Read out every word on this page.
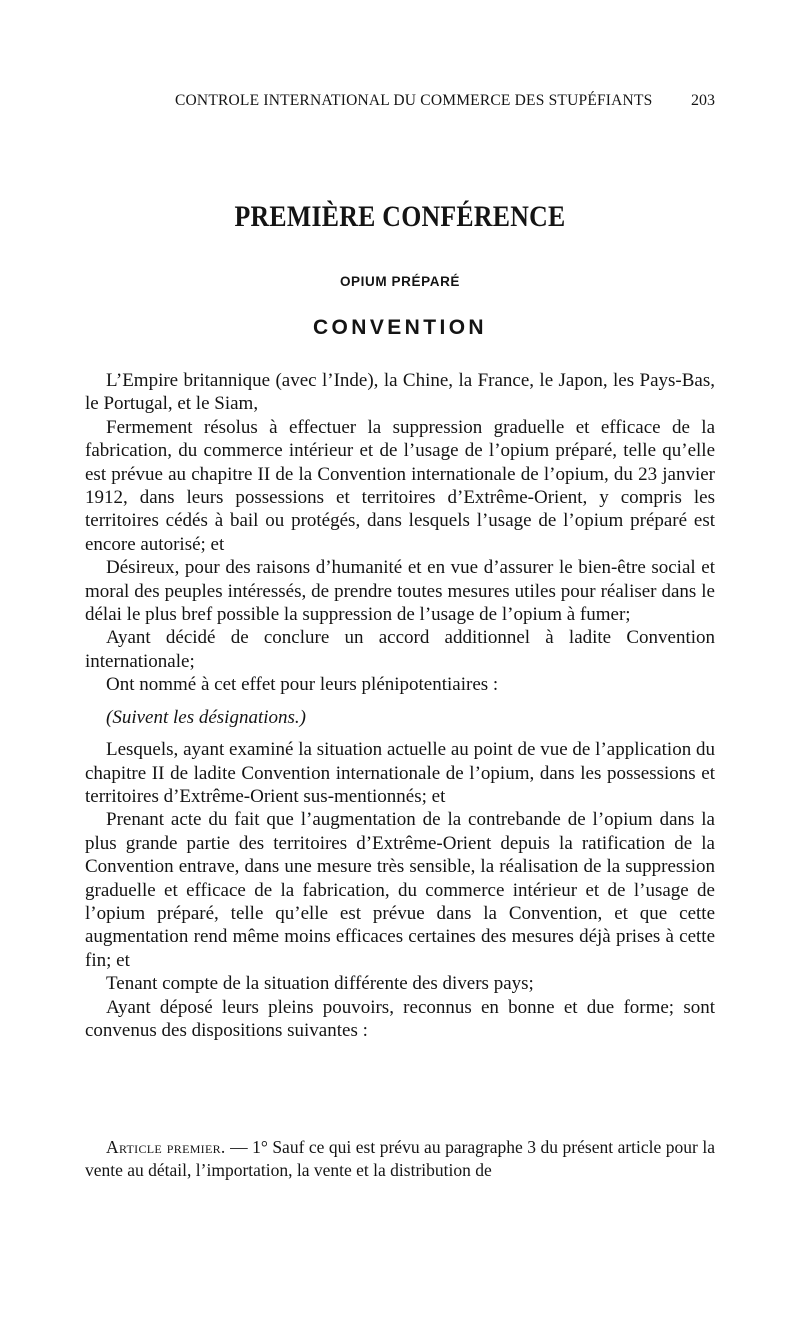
CONTROLE INTERNATIONAL DU COMMERCE DES STUPÉFIANTS 203
PREMIÈRE CONFÉRENCE
OPIUM PRÉPARÉ
CONVENTION

L’Empire britannique (avec l’Inde), la Chine, la France, le Japon, les Pays-Bas, le Portugal, et le Siam,

Fermement résolus à effectuer la suppression graduelle et efficace de la fabrication, du commerce intérieur et de l’usage de l’opium préparé, telle qu’elle est prévue au chapitre II de la Convention internationale de l’opium, du 23 janvier 1912, dans leurs possessions et territoires d’Extrême-Orient, y compris les territoires cédés à bail ou protégés, dans lesquels l’usage de l’opium préparé est encore autorisé; et

Désireux, pour des raisons d’humanité et en vue d’assurer le bien-être social et moral des peuples intéressés, de prendre toutes mesures utiles pour réaliser dans le délai le plus bref possible la suppression de l’usage de l’opium à fumer;

Ayant décidé de conclure un accord additionnel à ladite Convention internationale;

Ont nommé à cet effet pour leurs plénipotentiaires :

(Suivent les désignations.)

Lesquels, ayant examiné la situation actuelle au point de vue de l’application du chapitre II de ladite Convention internationale de l’opium, dans les possessions et territoires d’Extrême-Orient sus-mentionnés; et

Prenant acte du fait que l’augmentation de la contrebande de l’opium dans la plus grande partie des territoires d’Extrême-Orient depuis la ratification de la Convention entrave, dans une mesure très sensible, la réalisation de la suppression graduelle et efficace de la fabrication, du commerce intérieur et de l’usage de l’opium préparé, telle qu’elle est prévue dans la Convention, et que cette augmentation rend même moins efficaces certaines des mesures déjà prises à cette fin; et

Tenant compte de la situation différente des divers pays;

Ayant déposé leurs pleins pouvoirs, reconnus en bonne et due forme; sont convenus des dispositions suivantes :

Article premier. — 1° Sauf ce qui est prévu au paragraphe 3 du présent article pour la vente au détail, l’importation, la vente et la distribution de
